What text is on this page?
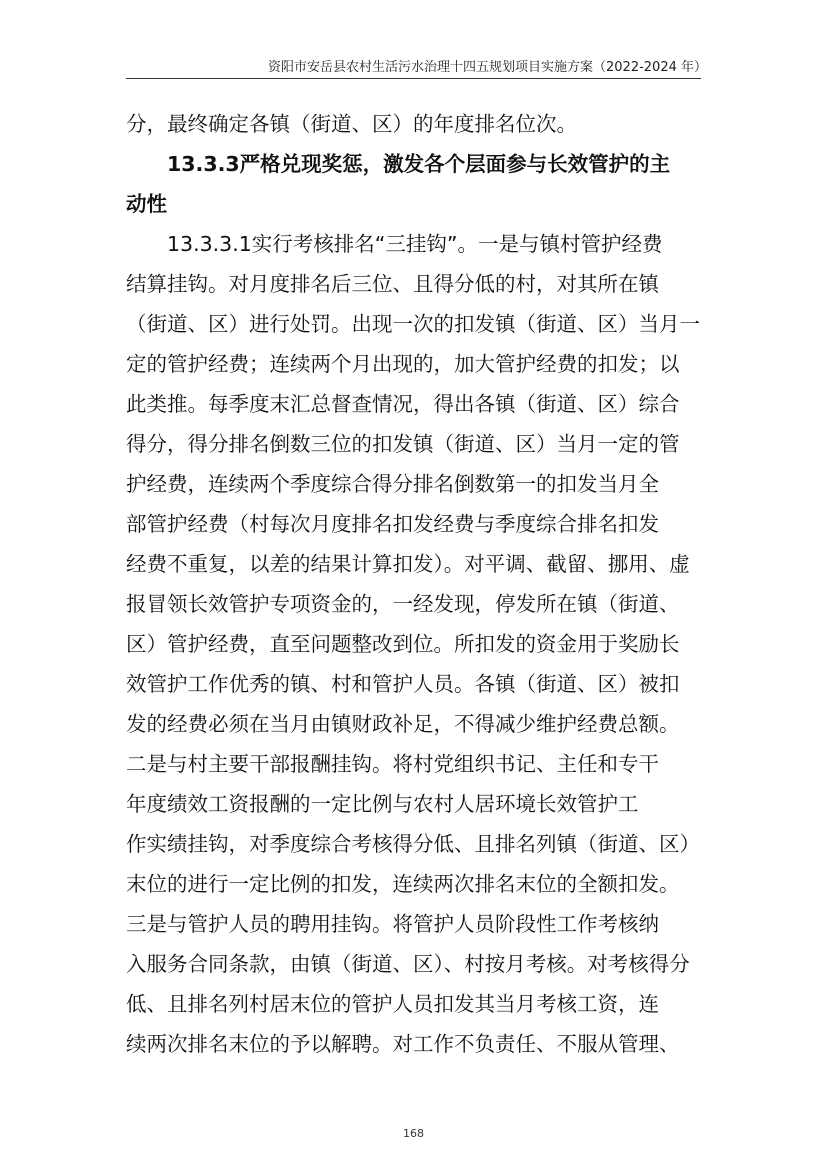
资阳市安岳县农村生活污水治理十四五规划项目实施方案（2022-2024 年）

分，最终确定各镇（街道、区）的年度排名位次。

13.3.3严格兑现奖惩，激发各个层面参与长效管护的主
动性

13.3.3.1实行考核排名“三挂钩”。一是与镇村管护经费
结算挂钩。对月度排名后三位、且得分低的村，对其所在镇
（街道、区）进行处罚。出现一次的扣发镇（街道、区）当月一
定的管护经费；连续两个月出现的，加大管护经费的扣发；以
此类推。每季度末汇总督查情况，得出各镇（街道、区）综合
得分，得分排名倒数三位的扣发镇（街道、区）当月一定的管
护经费，连续两个季度综合得分排名倒数第一的扣发当月全
部管护经费（村每次月度排名扣发经费与季度综合排名扣发
经费不重复，以差的结果计算扣发）。对平调、截留、挪用、虚
报冒领长效管护专项资金的，一经发现，停发所在镇（街道、
区）管护经费，直至问题整改到位。所扣发的资金用于奖励长
效管护工作优秀的镇、村和管护人员。各镇（街道、区）被扣
发的经费必须在当月由镇财政补足，不得减少维护经费总额。
二是与村主要干部报酬挂钩。将村党组织书记、主任和专干
年度绩效工资报酬的一定比例与农村人居环境长效管护工
作实绩挂钩，对季度综合考核得分低、且排名列镇（街道、区）
末位的进行一定比例的扣发，连续两次排名末位的全额扣发。
三是与管护人员的聘用挂钩。将管护人员阶段性工作考核纳
入服务合同条款，由镇（街道、区）、村按月考核。对考核得分
低、且排名列村居末位的管护人员扣发其当月考核工资，连
续两次排名末位的予以解聘。对工作不负责任、不服从管理、

168
